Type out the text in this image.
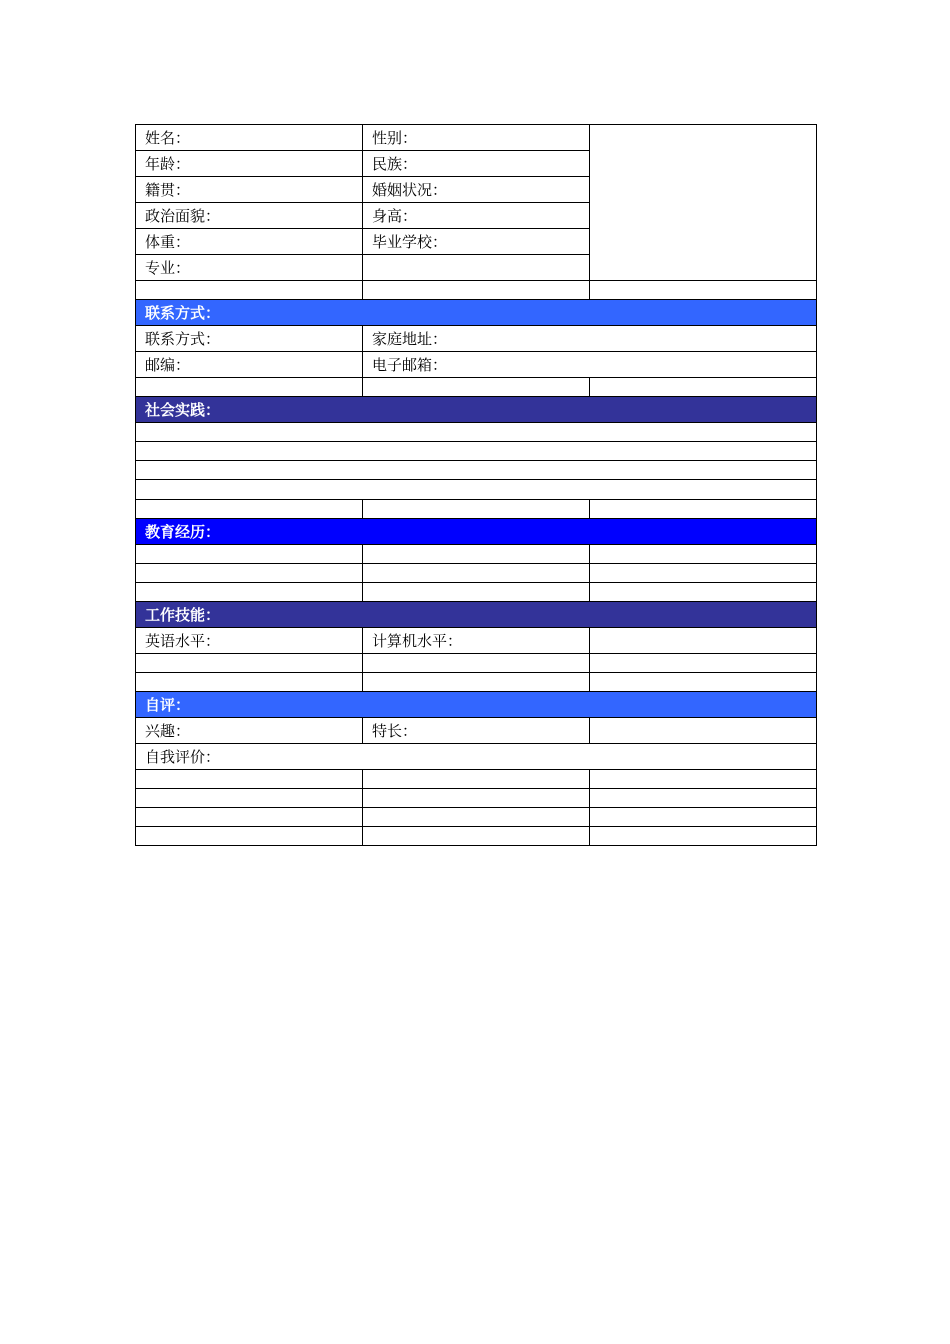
姓名：	性别：	
年龄：	民族：	
籍贯：	婚姻状况：	
政治面貌：	身高：	
体重：	毕业学校：	
专业：		

联系方式：		
联系方式：	家庭地址：	
邮编：	电子邮箱：	

社会实践：		

教育经历：		

工作技能：		
英语水平：	计算机水平：	

自评：		
兴趣：	特长：	
自我评价：		
